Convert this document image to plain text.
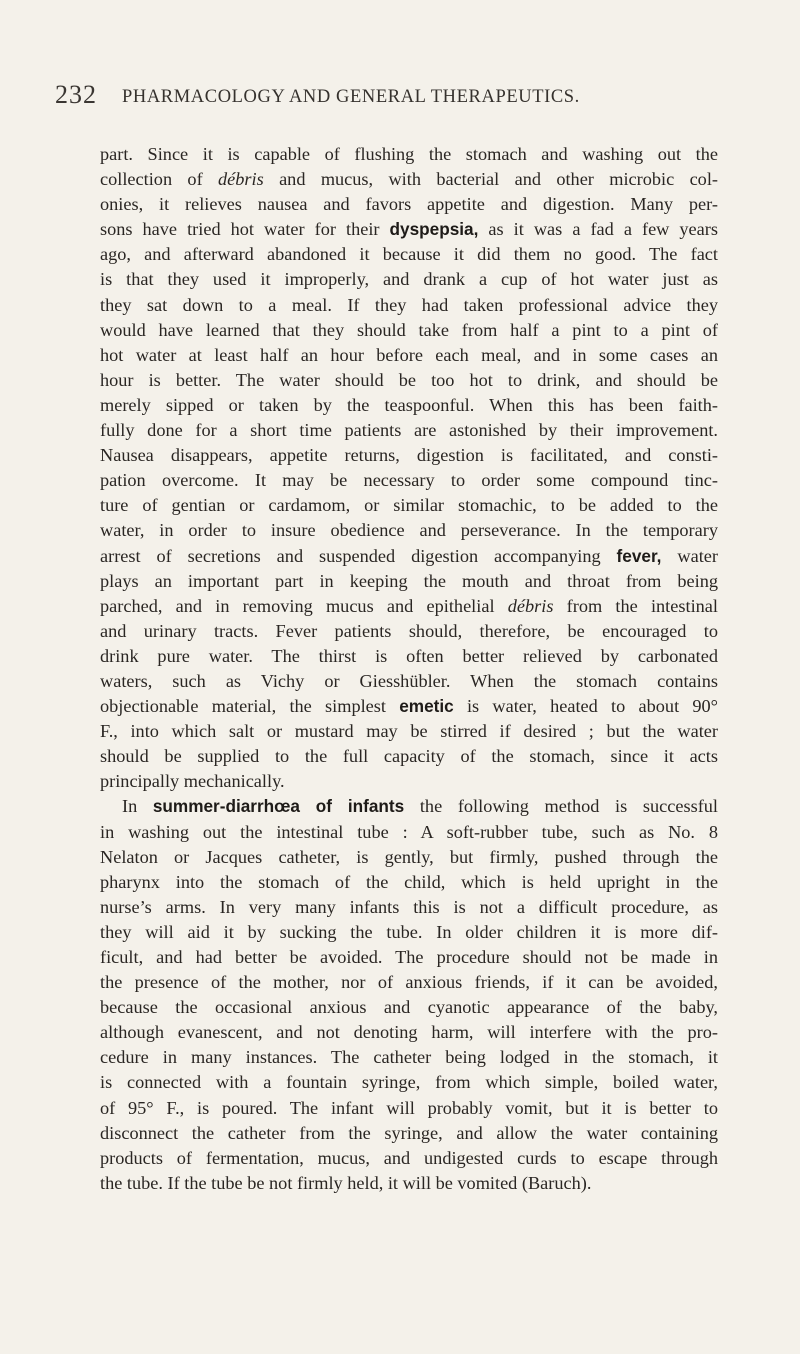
232 PHARMACOLOGY AND GENERAL THERAPEUTICS.
part. Since it is capable of flushing the stomach and washing out the
collection of débris and mucus, with bacterial and other microbic col-
onies, it relieves nausea and favors appetite and digestion. Many per-
sons have tried hot water for their dyspepsia, as it was a fad a few years
ago, and afterward abandoned it because it did them no good. The fact
is that they used it improperly, and drank a cup of hot water just as
they sat down to a meal. If they had taken professional advice they
would have learned that they should take from half a pint to a pint of
hot water at least half an hour before each meal, and in some cases an
hour is better. The water should be too hot to drink, and should be
merely sipped or taken by the teaspoonful. When this has been faith-
fully done for a short time patients are astonished by their improvement.
Nausea disappears, appetite returns, digestion is facilitated, and consti-
pation overcome. It may be necessary to order some compound tinc-
ture of gentian or cardamom, or similar stomachic, to be added to the
water, in order to insure obedience and perseverance. In the temporary
arrest of secretions and suspended digestion accompanying fever, water
plays an important part in keeping the mouth and throat from being
parched, and in removing mucus and epithelial débris from the intestinal
and urinary tracts. Fever patients should, therefore, be encouraged to
drink pure water. The thirst is often better relieved by carbonated
waters, such as Vichy or Giesshübler. When the stomach contains
objectionable material, the simplest emetic is water, heated to about 90°
F., into which salt or mustard may be stirred if desired ; but the water
should be supplied to the full capacity of the stomach, since it acts
principally mechanically.
In summer-diarrhœa of infants the following method is successful
in washing out the intestinal tube : A soft-rubber tube, such as No. 8
Nelaton or Jacques catheter, is gently, but firmly, pushed through the
pharynx into the stomach of the child, which is held upright in the
nurse’s arms. In very many infants this is not a difficult procedure, as
they will aid it by sucking the tube. In older children it is more dif-
ficult, and had better be avoided. The procedure should not be made in
the presence of the mother, nor of anxious friends, if it can be avoided,
because the occasional anxious and cyanotic appearance of the baby,
although evanescent, and not denoting harm, will interfere with the pro-
cedure in many instances. The catheter being lodged in the stomach, it
is connected with a fountain syringe, from which simple, boiled water,
of 95° F., is poured. The infant will probably vomit, but it is better to
disconnect the catheter from the syringe, and allow the water containing
products of fermentation, mucus, and undigested curds to escape through
the tube. If the tube be not firmly held, it will be vomited (Baruch).
